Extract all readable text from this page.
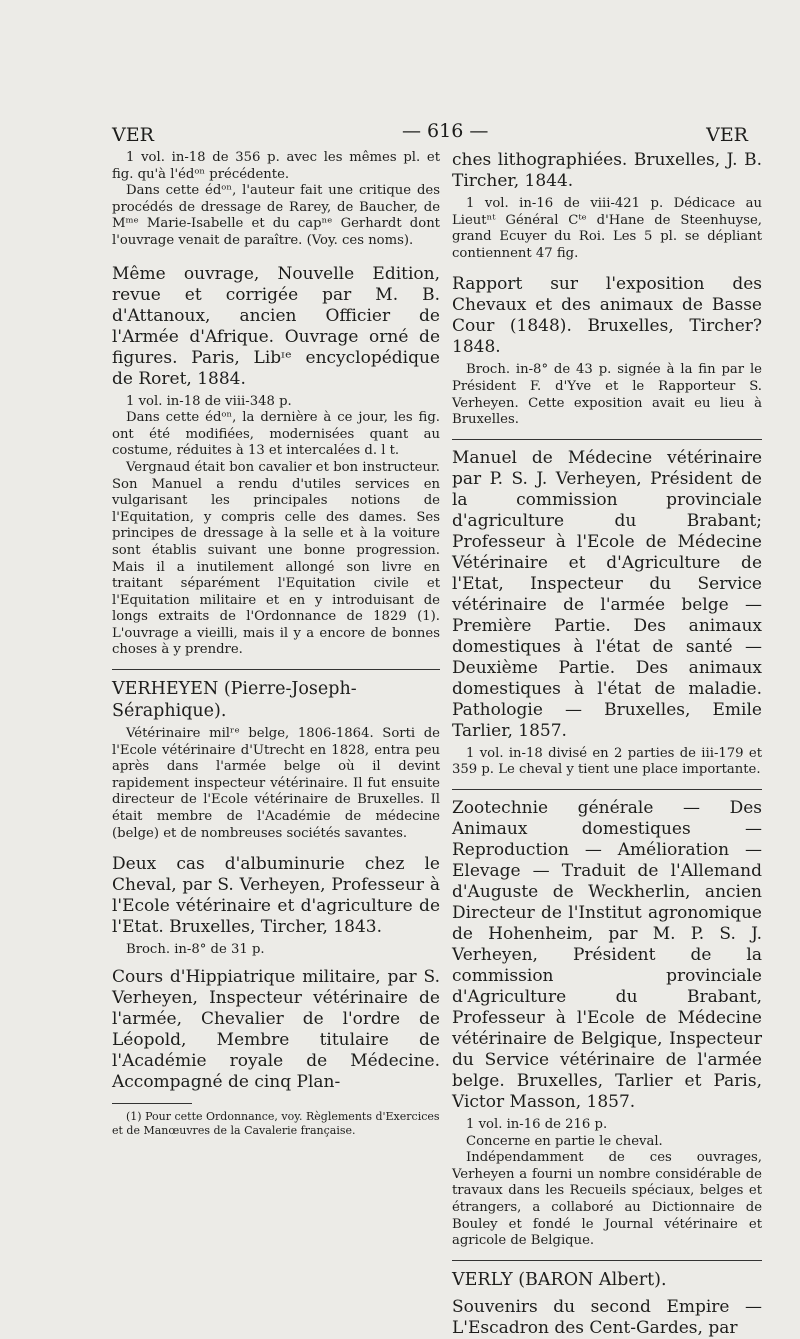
VER	— 616 —	VER

1 vol. in-18 de 356 p. avec les mêmes pl. et fig. qu'à l'édᵒⁿ précédente.

Dans cette édᵒⁿ, l'auteur fait une critique des procédés de dressage de Rarey, de Baucher, de Mᵐᵉ Marie-Isabelle et du capⁿᵉ Gerhardt dont l'ouvrage venait de paraître. (Voy. ces noms).

Même ouvrage, Nouvelle Edition, revue et corrigée par M. B. d'Attanoux, ancien Officier de l'Armée d'Afrique. Ouvrage orné de figures. Paris, Libᶦᵉ encyclopédique de Roret, 1884.

1 vol. in-18 de viii-348 p.

Dans cette édᵒⁿ, la dernière à ce jour, les fig. ont été modifiées, modernisées quant au costume, réduites à 13 et intercalées d. l t.

Vergnaud était bon cavalier et bon instructeur. Son Manuel a rendu d'utiles services en vulgarisant les principales notions de l'Equitation, y compris celle des dames. Ses principes de dressage à la selle et à la voiture sont établis suivant une bonne progression. Mais il a inutilement allongé son livre en traitant séparément l'Equitation civile et l'Equitation militaire et en y introduisant de longs extraits de l'Ordonnance de 1829 (1). L'ouvrage a vieilli, mais il y a encore de bonnes choses à y prendre.

VERHEYEN (Pierre-Joseph-Séraphique).

Vétérinaire milʳᵉ belge, 1806-1864. Sorti de l'Ecole vétérinaire d'Utrecht en 1828, entra peu après dans l'armée belge où il devint rapidement inspecteur vétérinaire. Il fut ensuite directeur de l'Ecole vétérinaire de Bruxelles. Il était membre de l'Académie de médecine (belge) et de nombreuses sociétés savantes.

Deux cas d'albuminurie chez le Cheval, par S. Verheyen, Professeur à l'Ecole vétérinaire et d'agriculture de l'Etat. Bruxelles, Tircher, 1843.

Broch. in-8° de 31 p.

Cours d'Hippiatrique militaire, par S. Verheyen, Inspecteur vétérinaire de l'armée, Chevalier de l'ordre de Léopold, Membre titulaire de l'Académie royale de Médecine. Accompagné de cinq Plan-

(1) Pour cette Ordonnance, voy. Règlements d'Exercices et de Manœuvres de la Cavalerie française.

ches lithographiées. Bruxelles, J. B. Tircher, 1844.

1 vol. in-16 de viii-421 p. Dédicace au Lieutⁿᵗ Général Cᵗᵉ d'Hane de Steenhuyse, grand Ecuyer du Roi. Les 5 pl. se dépliant contiennent 47 fig.

Rapport sur l'exposition des Chevaux et des animaux de Basse Cour (1848). Bruxelles, Tircher? 1848.

Broch. in-8° de 43 p. signée à la fin par le Président F. d'Yve et le Rapporteur S. Verheyen. Cette exposition avait eu lieu à Bruxelles.

Manuel de Médecine vétérinaire par P. S. J. Verheyen, Président de la commission provinciale d'agriculture du Brabant; Professeur à l'Ecole de Médecine Vétérinaire et d'Agriculture de l'Etat, Inspecteur du Service vétérinaire de l'armée belge — Première Partie. Des animaux domestiques à l'état de santé — Deuxième Partie. Des animaux domestiques à l'état de maladie. Pathologie — Bruxelles, Emile Tarlier, 1857.

1 vol. in-18 divisé en 2 parties de iii-179 et 359 p. Le cheval y tient une place importante.

Zootechnie générale — Des Animaux domestiques — Reproduction — Amélioration — Elevage — Traduit de l'Allemand d'Auguste de Weckherlin, ancien Directeur de l'Institut agronomique de Hohenheim, par M. P. S. J. Verheyen, Président de la commission provinciale d'Agriculture du Brabant, Professeur à l'Ecole de Médecine vétérinaire de Belgique, Inspecteur du Service vétérinaire de l'armée belge. Bruxelles, Tarlier et Paris, Victor Masson, 1857.

1 vol. in-16 de 216 p.

Concerne en partie le cheval.

Indépendamment de ces ouvrages, Verheyen a fourni un nombre considérable de travaux dans les Recueils spéciaux, belges et étrangers, a collaboré au Dictionnaire de Bouley et fondé le Journal vétérinaire et agricole de Belgique.

VERLY (BARON Albert).

Souvenirs du second Empire — L'Escadron des Cent-Gardes, par
